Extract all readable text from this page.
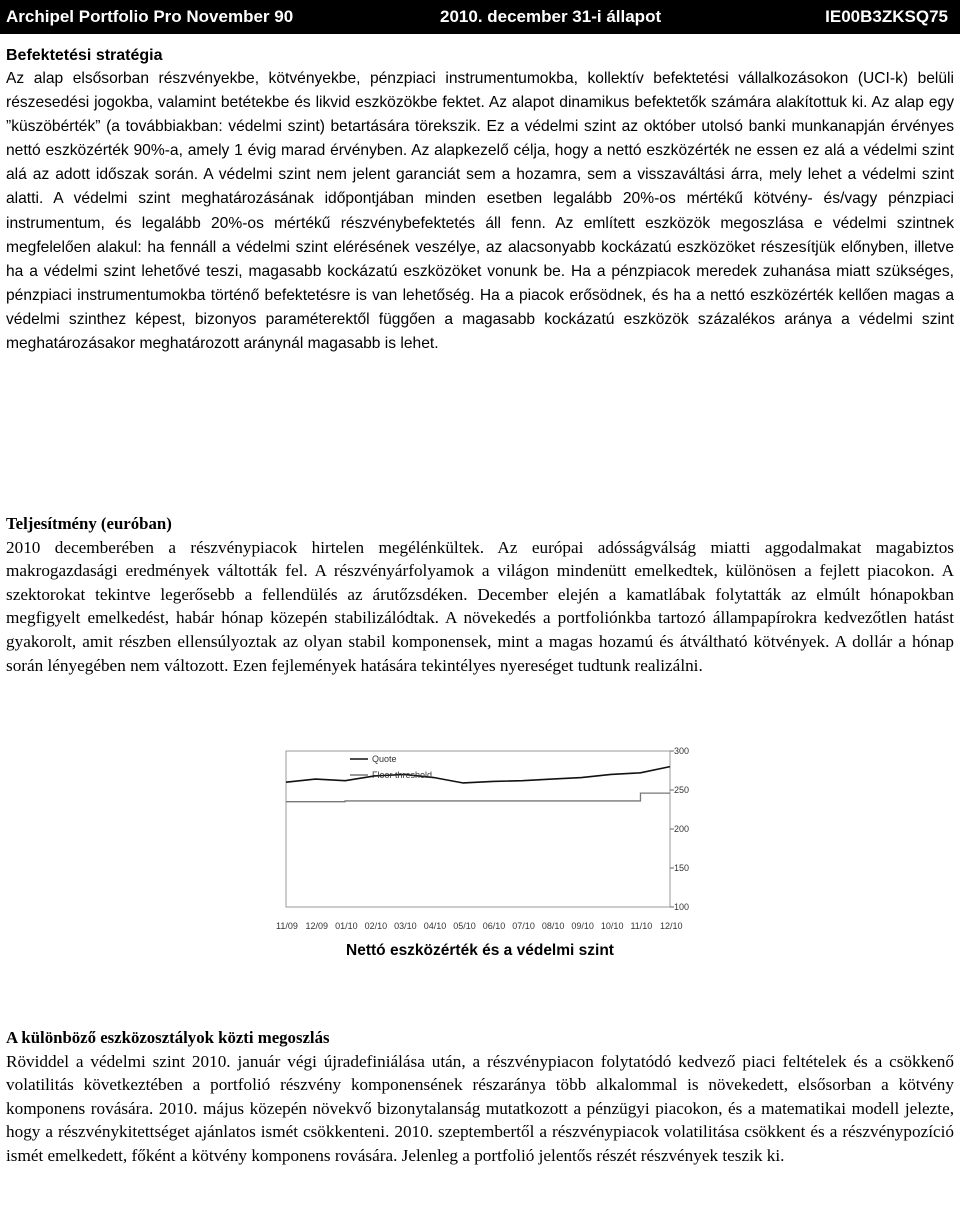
Archipel Portfolio Pro November 90	2010. december 31-i állapot	IE00B3ZKSQ75
Befektetési stratégia

Az alap elsősorban részvényekbe, kötvényekbe, pénzpiaci instrumentumokba, kollektív befektetési vállalkozásokon (UCI-k) belüli részesedési jogokba, valamint betétekbe és likvid eszközökbe fektet. Az alapot dinamikus befektetők számára alakítottuk ki. Az alap egy ”küszöbérték” (a továbbiakban: védelmi szint) betartására törekszik. Ez a védelmi szint az október utolsó banki munkanapján érvényes nettó eszközérték 90%-a, amely 1 évig marad érvényben. Az alapkezelő célja, hogy a nettó eszközérték ne essen ez alá a védelmi szint alá az adott időszak során. A védelmi szint nem jelent garanciát sem a hozamra, sem a visszaváltási árra, mely lehet a védelmi szint alatti. A védelmi szint meghatározásának időpontjában minden esetben legalább 20%-os mértékű kötvény- és/vagy pénzpiaci instrumentum, és legalább 20%-os mértékű részvénybefektetés áll fenn. Az említett eszközök megoszlása e védelmi szintnek megfelelően alakul: ha fennáll a védelmi szint elérésének veszélye, az alacsonyabb kockázatú eszközöket részesítjük előnyben, illetve ha a védelmi szint lehetővé teszi, magasabb kockázatú eszközöket vonunk be. Ha a pénzpiacok meredek zuhanása miatt szükséges, pénzpiaci instrumentumokba történő befektetésre is van lehetőség. Ha a piacok erősödnek, és ha a nettó eszközérték kellően magas a védelmi szinthez képest, bizonyos paraméterektől függően a magasabb kockázatú eszközök százalékos aránya a védelmi szint meghatározásakor meghatározott aránynál magasabb is lehet.

Teljesítmény (euróban)

2010 decemberében a részvénypiacok hirtelen megélénkültek. Az európai adósságválság miatti aggodalmakat magabiztos makrogazdasági eredmények váltották fel. A részvényárfolyamok a világon mindenütt emelkedtek, különösen a fejlett piacokon. A szektorokat tekintve legerősebb a fellendülés az árutőzsdéken. December elején a kamatlábak folytatták az elmúlt hónapokban megfigyelt emelkedést, habár hónap közepén stabilizálódtak. A növekedés a portfoliónkba tartozó állampapírokra kedvezőtlen hatást gyakorolt, amit részben ellensúlyoztak az olyan stabil komponensek, mint a magas hozamú és átváltható kötvények. A dollár a hónap során lényegében nem változott. Ezen fejlemények hatására tekintélyes nyereséget tudtunk realizálni.

100
150
200
250
300
11/09 12/09 01/10 02/10 03/10 04/10 05/10 06/10 07/10 08/10 09/10 10/10 11/10 12/10
Quote
Floor threshold
Nettó eszközérték és a védelmi szint
A különböző eszközosztályok közti megoszlás

Röviddel a védelmi szint 2010. január végi újradefiniálása után, a részvénypiacon folytatódó kedvező piaci feltételek és a csökkenő volatilitás következtében a portfolió részvény komponensének részaránya több alkalommal is növekedett, elsősorban a kötvény komponens rovására. 2010. május közepén növekvő bizonytalanság mutatkozott a pénzügyi piacokon, és a matematikai modell jelezte, hogy a részvénykitettséget ajánlatos ismét csökkenteni. 2010. szeptembertől a részvénypiacok volatilitása csökkent és a részvénypozíció ismét emelkedett, főként a kötvény komponens rovására. Jelenleg a portfolió jelentős részét részvények teszik ki.
